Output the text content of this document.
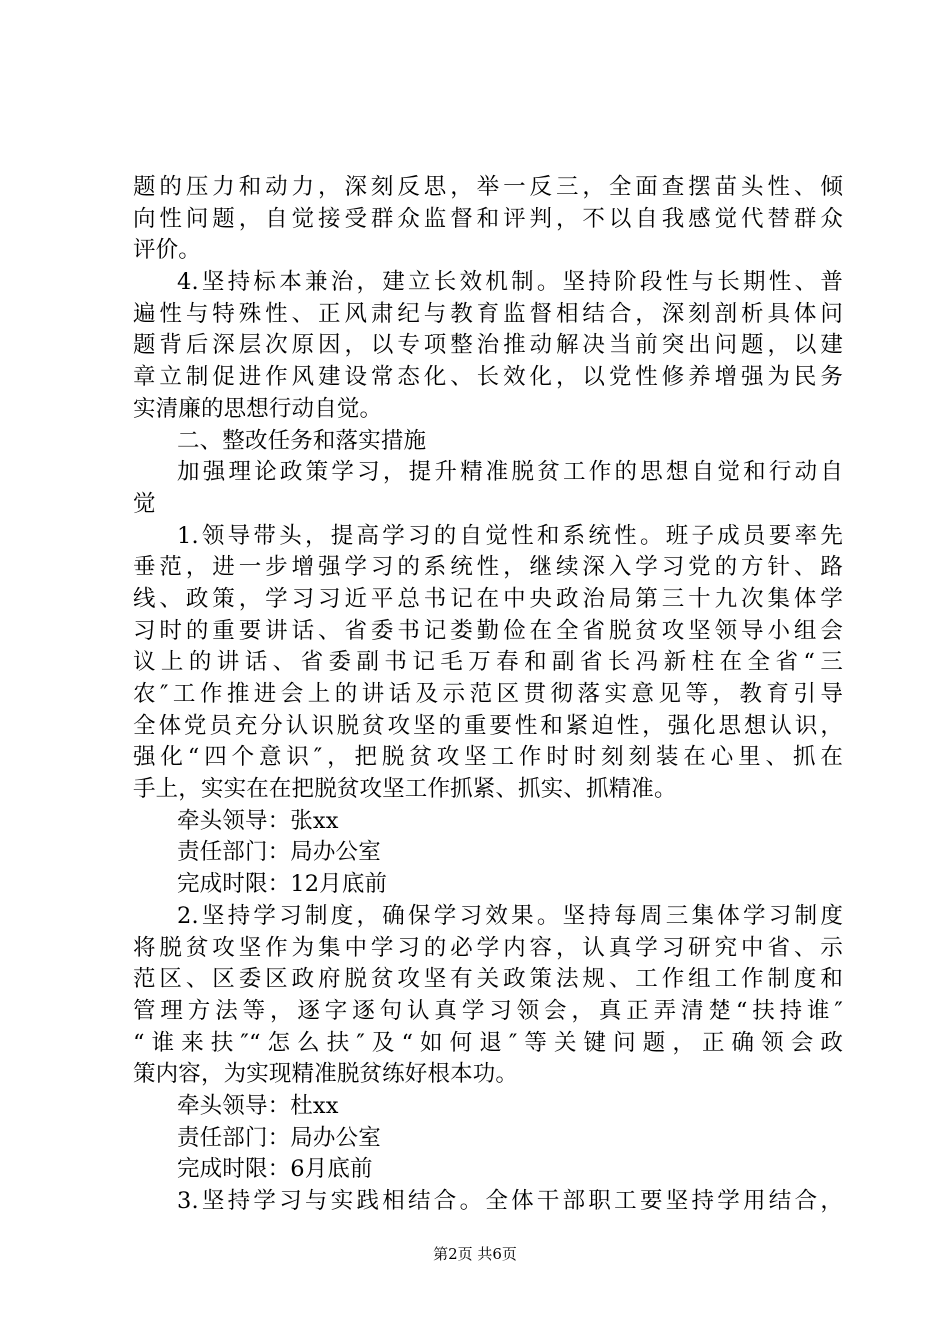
题的压力和动力，深刻反思，举一反三，全面查摆苗头性、倾
向性问题，自觉接受群众监督和评判，不以自我感觉代替群众
评价。
4.坚持标本兼治，建立长效机制。坚持阶段性与长期性、普
遍性与特殊性、正风肃纪与教育监督相结合，深刻剖析具体问
题背后深层次原因，以专项整治推动解决当前突出问题，以建
章立制促进作风建设常态化、长效化，以党性修养增强为民务
实清廉的思想行动自觉。
二、整改任务和落实措施
加强理论政策学习，提升精准脱贫工作的思想自觉和行动自
觉
1.领导带头，提高学习的自觉性和系统性。班子成员要率先
垂范，进一步增强学习的系统性，继续深入学习党的方针、路
线、政策，学习习近平总书记在中央政治局第三十九次集体学
习时的重要讲话、省委书记娄勤俭在全省脱贫攻坚领导小组会
议上的讲话、省委副书记毛万春和副省长冯新柱在全省“三
农″工作推进会上的讲话及示范区贯彻落实意见等，教育引导
全体党员充分认识脱贫攻坚的重要性和紧迫性，强化思想认识，
强化“四个意识″，把脱贫攻坚工作时时刻刻装在心里、抓在
手上，实实在在把脱贫攻坚工作抓紧、抓实、抓精准。
牵头领导：张xx
责任部门：局办公室
完成时限：12月底前
2.坚持学习制度，确保学习效果。坚持每周三集体学习制度
将脱贫攻坚作为集中学习的必学内容，认真学习研究中省、示
范区、区委区政府脱贫攻坚有关政策法规、工作组工作制度和
管理方法等，逐字逐句认真学习领会，真正弄清楚“扶持谁″
“谁来扶″“怎么扶″及“如何退″等关键问题，正确领会政
策内容，为实现精准脱贫练好根本功。
牵头领导：杜xx
责任部门：局办公室
完成时限：6月底前
3.坚持学习与实践相结合。全体干部职工要坚持学用结合，
第2页 共6页
